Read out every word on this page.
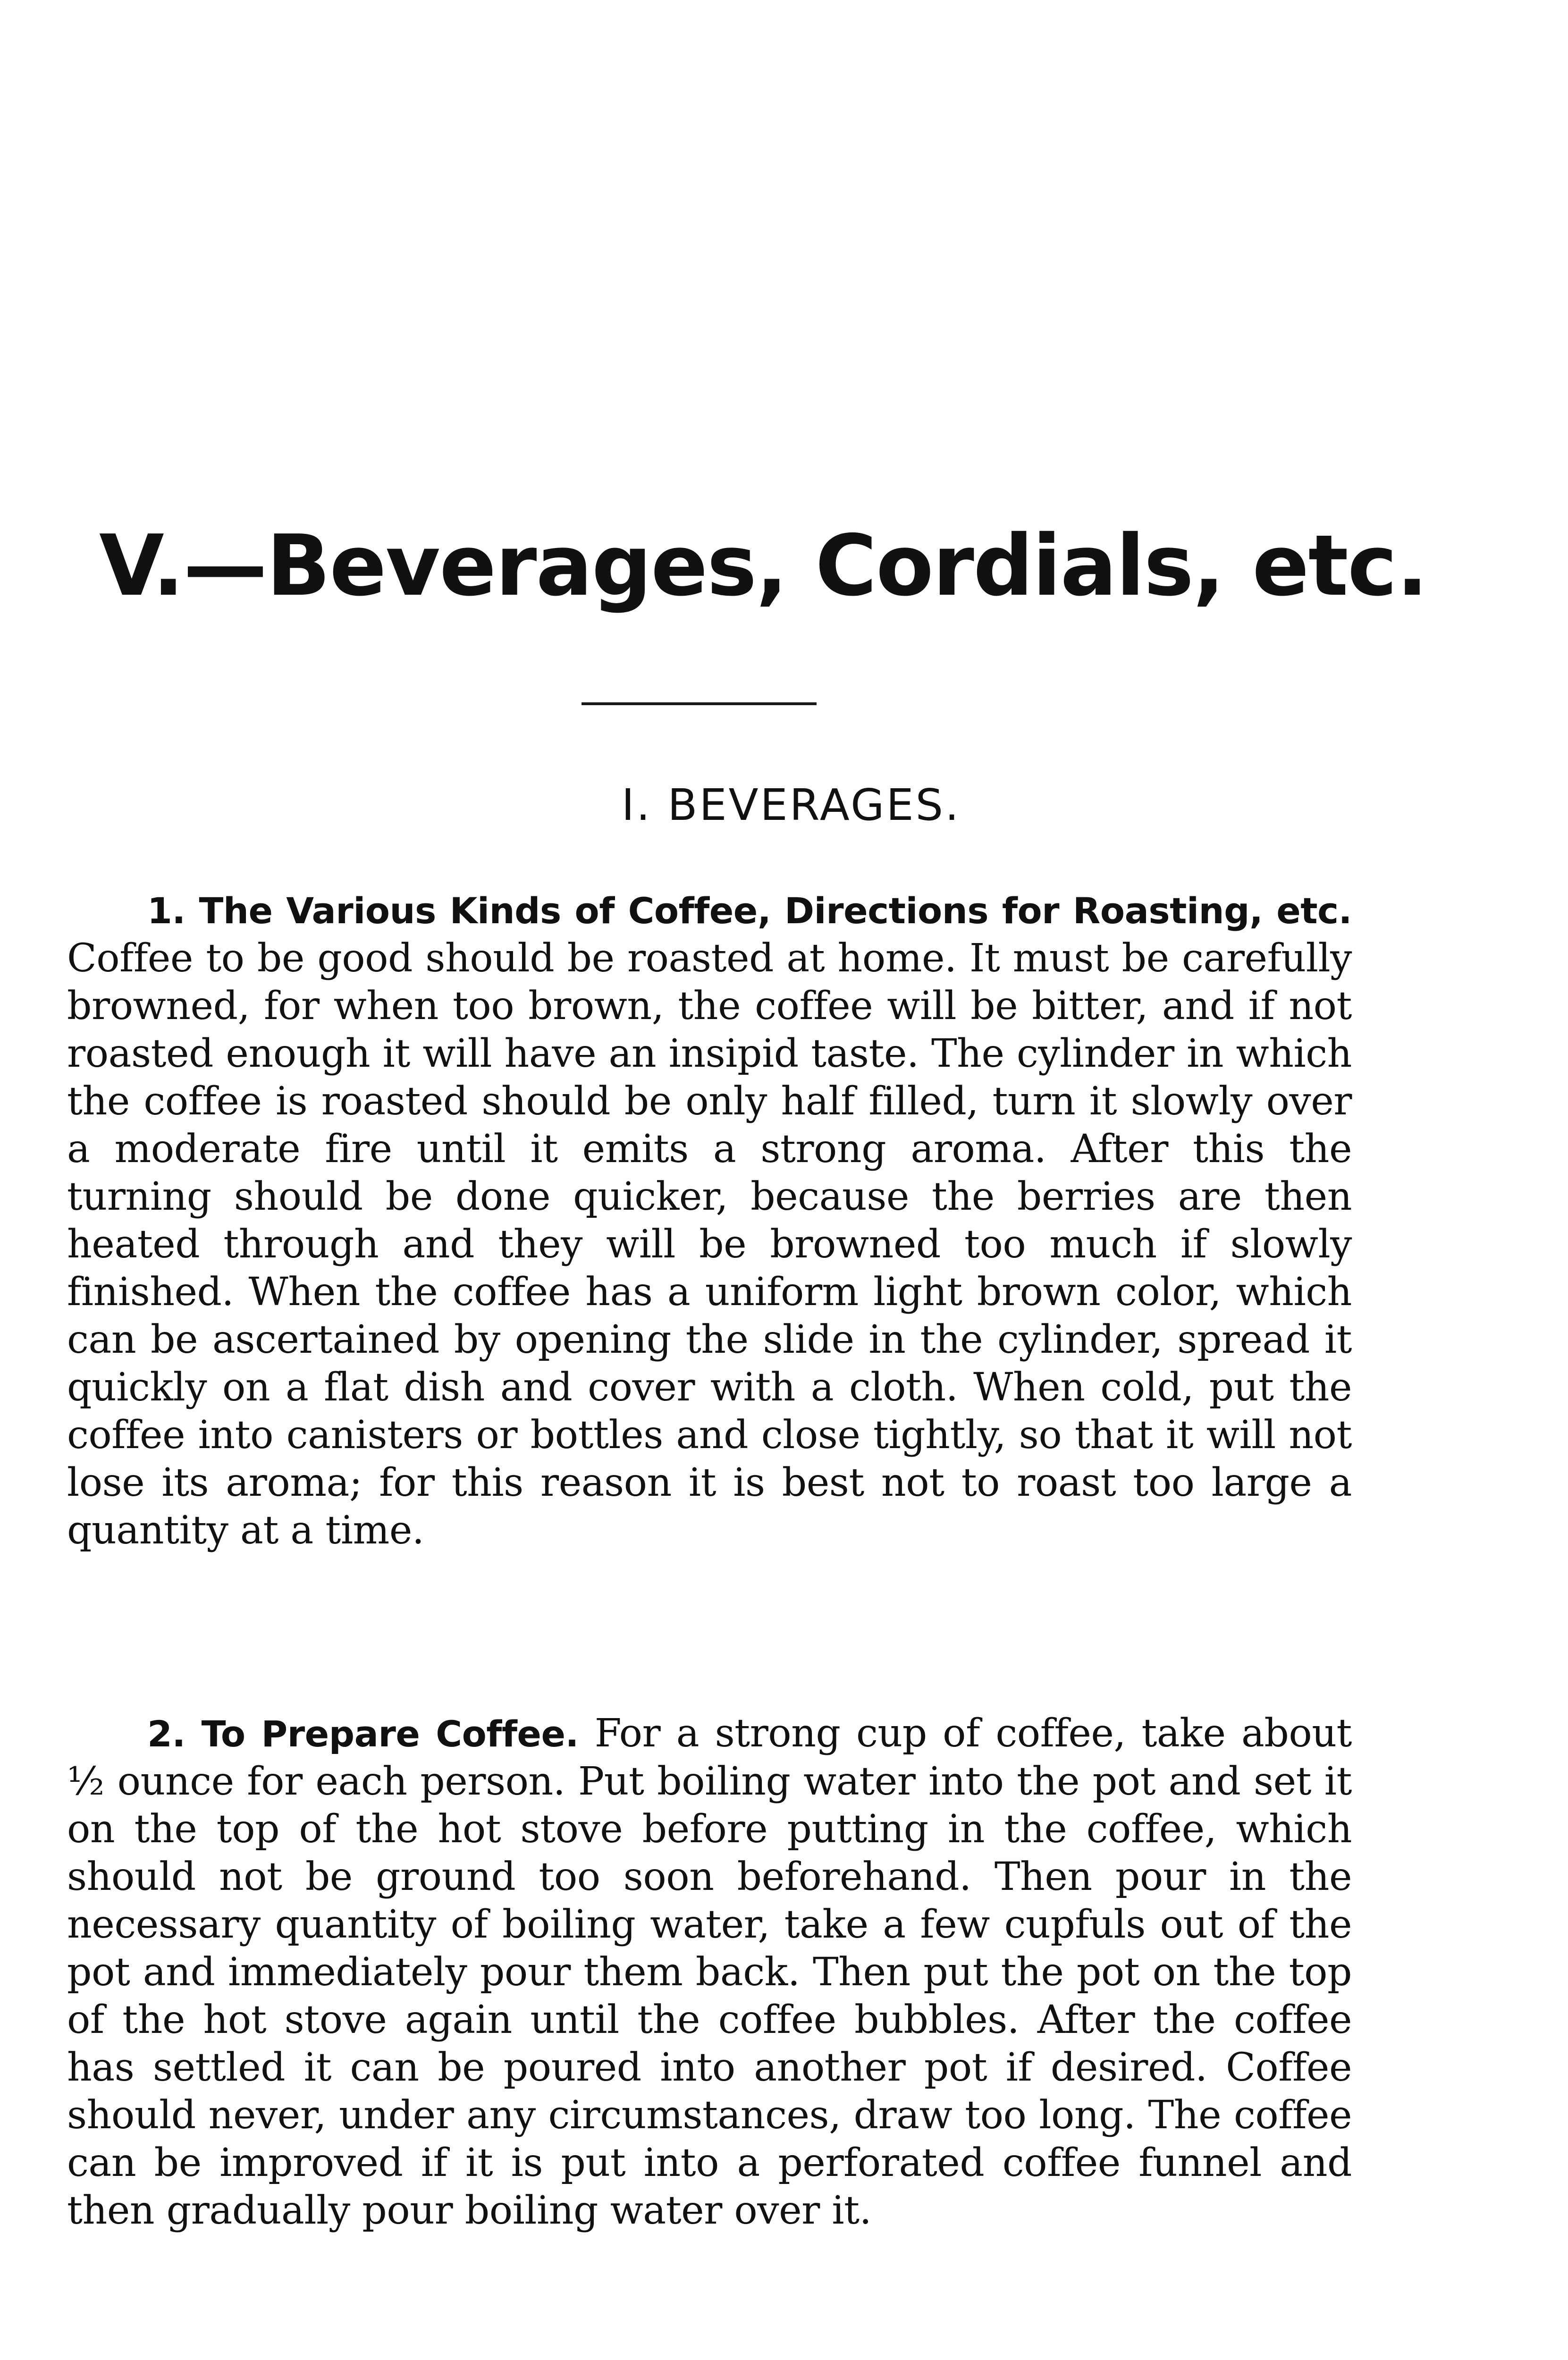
V.—Beverages, Cordials, etc.
I. BEVERAGES.

1. The Various Kinds of Coffee, Directions for Roasting, etc. Coffee to be good should be roasted at home. It must be carefully browned, for when too brown, the coffee will be bitter, and if not roasted enough it will have an insipid taste. The cylinder in which the coffee is roasted should be only half filled, turn it slowly over a moderate fire until it emits a strong aroma. After this the turning should be done quicker, because the berries are then heated through and they will be browned too much if slowly finished. When the coffee has a uniform light brown color, which can be ascertained by opening the slide in the cylinder, spread it quickly on a flat dish and cover with a cloth. When cold, put the coffee into canisters or bottles and close tightly, so that it will not lose its aroma; for this reason it is best not to roast too large a quantity at a time.

2. To Prepare Coffee. For a strong cup of coffee, take about ½ ounce for each person. Put boiling water into the pot and set it on the top of the hot stove before putting in the coffee, which should not be ground too soon beforehand. Then pour in the necessary quantity of boiling water, take a few cupfuls out of the pot and immediately pour them back. Then put the pot on the top of the hot stove again until the coffee bubbles. After the coffee has settled it can be poured into another pot if desired. Coffee should never, under any circumstances, draw too long. The coffee can be improved if it is put into a perforated coffee funnel and then gradually pour boiling water over it.
